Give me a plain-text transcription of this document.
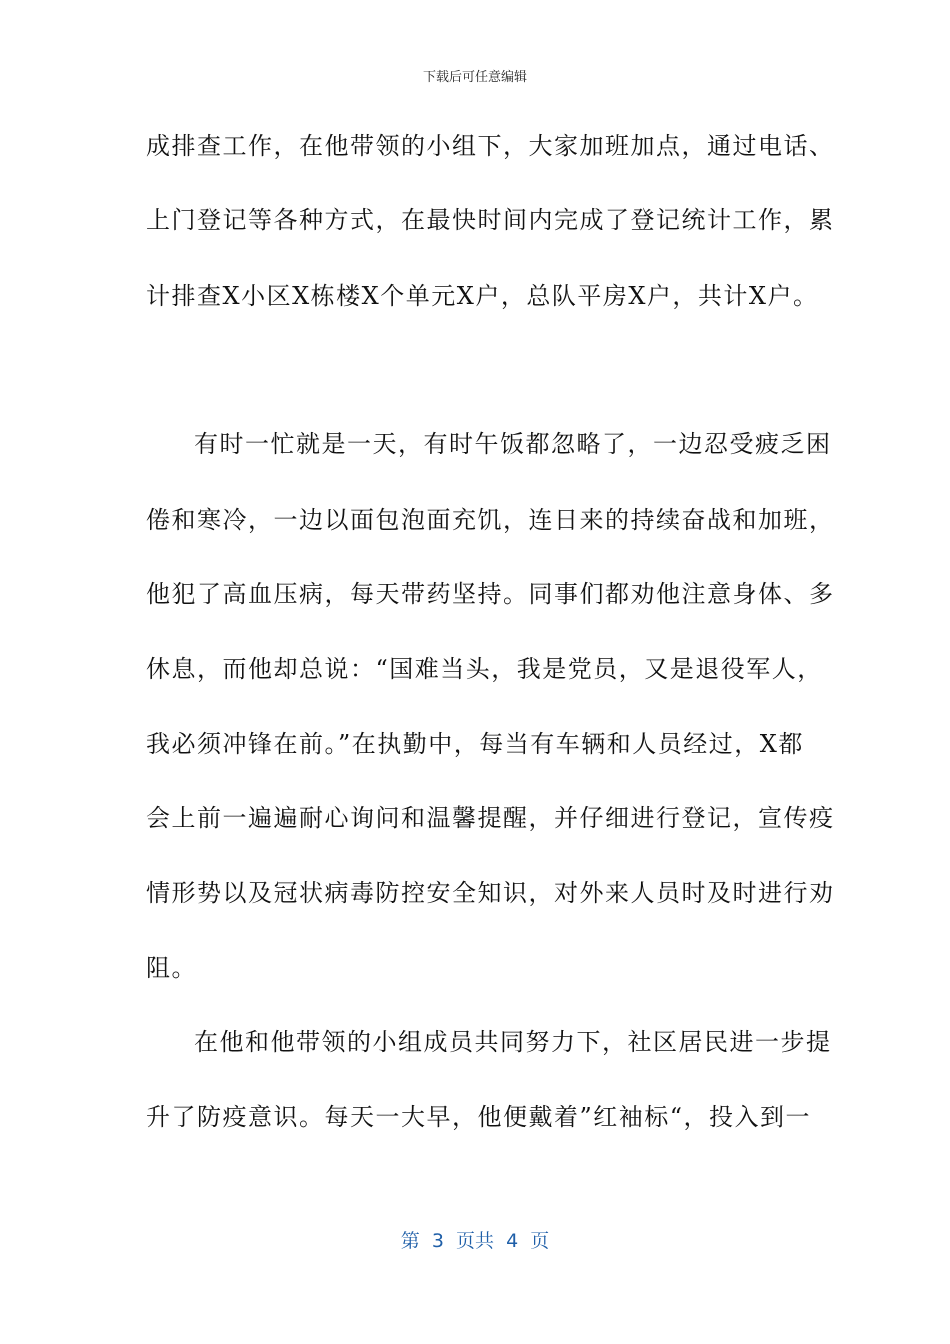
下载后可任意编辑
成排查工作，在他带领的小组下，大家加班加点，通过电话、
上门登记等各种方式，在最快时间内完成了登记统计工作，累
计排查X小区X栋楼X个单元X户，总队平房X户，共计X户。
有时一忙就是一天，有时午饭都忽略了，一边忍受疲乏困
倦和寒冷，一边以面包泡面充饥，连日来的持续奋战和加班，
他犯了高血压病，每天带药坚持。同事们都劝他注意身体、多
休息，而他却总说：“国难当头，我是党员，又是退役军人，
我必须冲锋在前。”在执勤中，每当有车辆和人员经过，X都
会上前一遍遍耐心询问和温馨提醒，并仔细进行登记，宣传疫
情形势以及冠状病毒防控安全知识，对外来人员时及时进行劝
阻。
在他和他带领的小组成员共同努力下，社区居民进一步提
升了防疫意识。每天一大早，他便戴着”红袖标“，投入到一
第  3  页共  4  页
